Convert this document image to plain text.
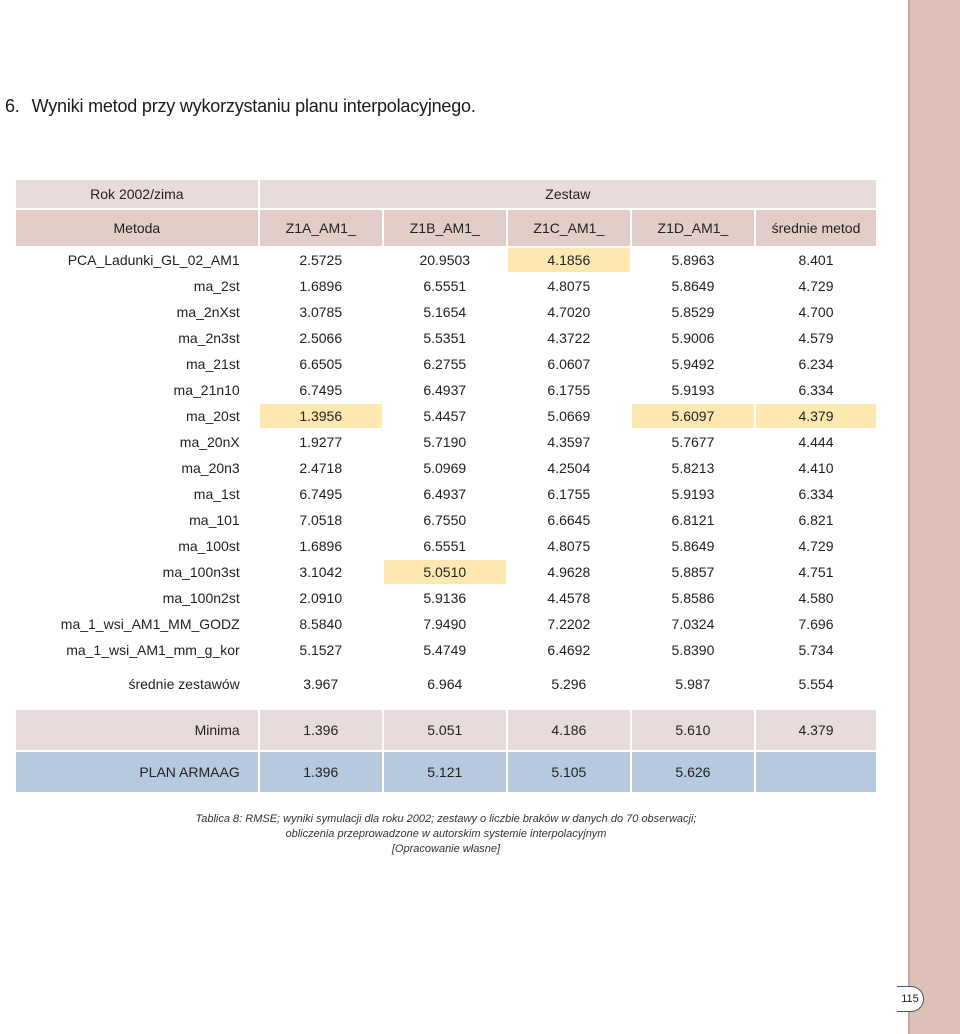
6. Wyniki metod przy wykorzystaniu planu interpolacyjnego.
Rok 2002/zima	Zestaw				
Metoda	Z1A_AM1_	Z1B_AM1_	Z1C_AM1_	Z1D_AM1_	średnie metod
PCA_Ladunki_GL_02_AM1	2.5725	20.9503	4.1856	5.8963	8.401
ma_2st	1.6896	6.5551	4.8075	5.8649	4.729
ma_2nXst	3.0785	5.1654	4.7020	5.8529	4.700
ma_2n3st	2.5066	5.5351	4.3722	5.9006	4.579
ma_21st	6.6505	6.2755	6.0607	5.9492	6.234
ma_21n10	6.7495	6.4937	6.1755	5.9193	6.334
ma_20st	1.3956	5.4457	5.0669	5.6097	4.379
ma_20nX	1.9277	5.7190	4.3597	5.7677	4.444
ma_20n3	2.4718	5.0969	4.2504	5.8213	4.410
ma_1st	6.7495	6.4937	6.1755	5.9193	6.334
ma_101	7.0518	6.7550	6.6645	6.8121	6.821
ma_100st	1.6896	6.5551	4.8075	5.8649	4.729
ma_100n3st	3.1042	5.0510	4.9628	5.8857	4.751
ma_100n2st	2.0910	5.9136	4.4578	5.8586	4.580
ma_1_wsi_AM1_MM_GODZ	8.5840	7.9490	7.2202	7.0324	7.696
ma_1_wsi_AM1_mm_g_kor	5.1527	5.4749	6.4692	5.8390	5.734
średnie zestawów	3.967	6.964	5.296	5.987	5.554

Minima	1.396	5.051	4.186	5.610	4.379
PLAN ARMAAG	1.396	5.121	5.105	5.626	
Tablica 8: RMSE; wyniki symulacji dla roku 2002; zestawy o liczbie braków w danych do 70 obserwacji;
obliczenia przeprowadzone w autorskim systemie interpolacyjnym
[Opracowanie własne]
115
